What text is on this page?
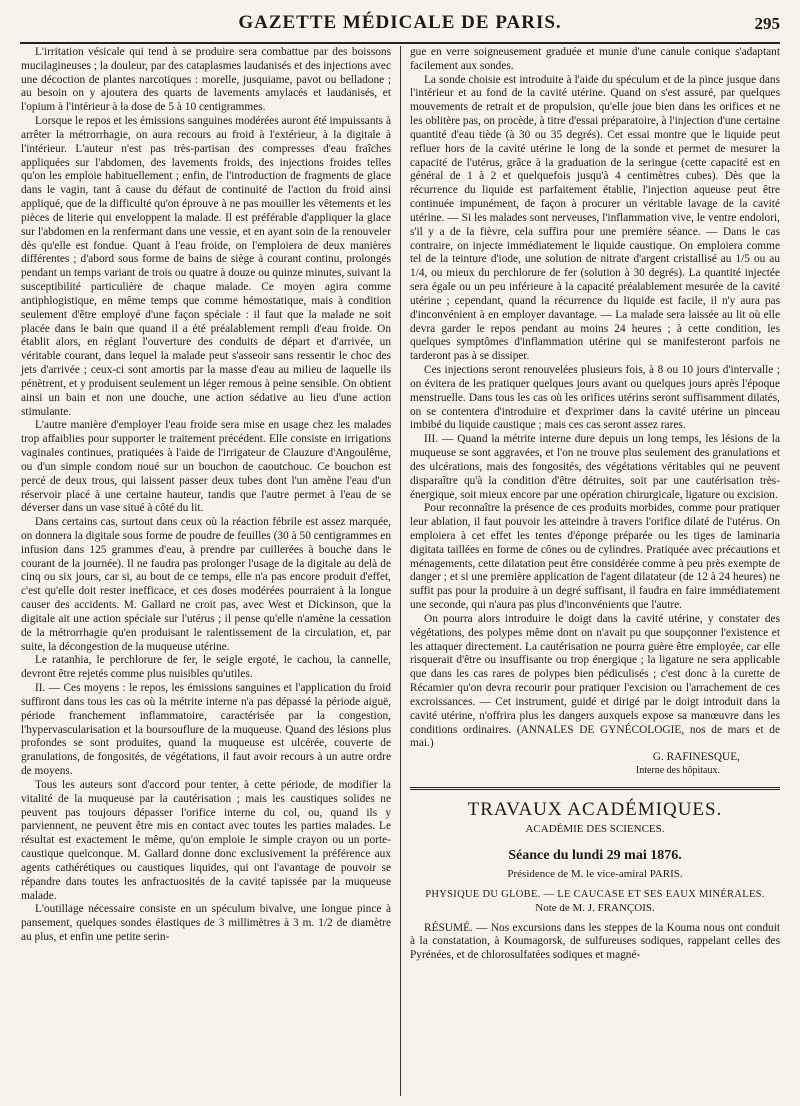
GAZETTE MÉDICALE DE PARIS.	295

L'irritation vésicale qui tend à se produire sera combattue par des boissons mucilagineuses ; la douleur, par des cataplasmes laudanisés et des injections avec une décoction de plantes narcotiques : morelle, jusquiame, pavot ou belladone ; au besoin on y ajoutera des quarts de lavements amylacés et laudanisés, et l'opium à l'intérieur à la dose de 5 à 10 centigrammes.

Lorsque le repos et les émissions sanguines modérées auront été impuissants à arrêter la métrorrhagie, on aura recours au froid à l'extérieur, à la digitale à l'intérieur. L'auteur n'est pas très-partisan des compresses d'eau fraîches appliquées sur l'abdomen, des lavements froids, des injections froides telles qu'on les emploie habituellement ; enfin, de l'introduction de fragments de glace dans le vagin, tant à cause du défaut de continuité de l'action du froid ainsi appliqué, que de la difficulté qu'on éprouve à ne pas mouiller les vêtements et les pièces de literie qui enveloppent la malade. Il est préférable d'appliquer la glace sur l'abdomen en la renfermant dans une vessie, et en ayant soin de la renouveler dès qu'elle est fondue. Quant à l'eau froide, on l'emploiera de deux manières différentes ; d'abord sous forme de bains de siège à courant continu, prolongés pendant un temps variant de trois ou quatre à douze ou quinze minutes, suivant la susceptibilité particulière de chaque malade. Ce moyen agira comme antiphlogistique, en même temps que comme hémostatique, mais à condition seulement d'être employé d'une façon spéciale : il faut que la malade ne soit placée dans le bain que quand il a été préalablement rempli d'eau froide. On établit alors, en réglant l'ouverture des conduits de départ et d'arrivée, un véritable courant, dans lequel la malade peut s'asseoir sans ressentir le choc des jets d'arrivée ; ceux-ci sont amortis par la masse d'eau au milieu de laquelle ils pénètrent, et y produisent seulement un léger remous à peine sensible. On obtient ainsi un bain et non une douche, une action sédative au lieu d'une action stimulante.

L'autre manière d'employer l'eau froide sera mise en usage chez les malades trop affaiblies pour supporter le traitement précédent. Elle consiste en irrigations vaginales continues, pratiquées à l'aide de l'irrigateur de Clauzure d'Angoulême, ou d'un simple condom noué sur un bouchon de caoutchouc. Ce bouchon est percé de deux trous, qui laissent passer deux tubes dont l'un amène l'eau d'un réservoir placé à une certaine hauteur, tandis que l'autre permet à l'eau de se déverser dans un vase situé à côté du lit.

Dans certains cas, surtout dans ceux où la réaction fébrile est assez marquée, on donnera la digitale sous forme de poudre de feuilles (30 à 50 centigrammes en infusion dans 125 grammes d'eau, à prendre par cuillerées à bouche dans le courant de la journée). Il ne faudra pas prolonger l'usage de la digitale au delà de cinq ou six jours, car si, au bout de ce temps, elle n'a pas encore produit d'effet, c'est qu'elle doit rester inefficace, et ces doses modérées pourraient à la longue causer des accidents. M. Gallard ne croit pas, avec West et Dickinson, que la digitale ait une action spéciale sur l'utérus ; il pense qu'elle n'amène la cessation de la métrorrhagie qu'en produisant le ralentissement de la circulation, et, par suite, la décongestion de la muqueuse utérine.

Le ratanhia, le perchlorure de fer, le seigle ergoté, le cachou, la cannelle, devront être rejetés comme plus nuisibles qu'utiles.

II. — Ces moyens : le repos, les émissions sanguines et l'application du froid suffiront dans tous les cas où la métrite interne n'a pas dépassé la période aiguë, période franchement inflammatoire, caractérisée par la congestion, l'hypervascularisation et la boursouflure de la muqueuse. Quand des lésions plus profondes se sont produites, quand la muqueuse est ulcérée, couverte de granulations, de fongosités, de végétations, il faut avoir recours à un autre ordre de moyens.

Tous les auteurs sont d'accord pour tenter, à cette période, de modifier la vitalité de la muqueuse par la cautérisation ; mais les caustiques solides ne peuvent pas toujours dépasser l'orifice interne du col, ou, quand ils y parviennent, ne peuvent être mis en contact avec toutes les parties malades. Le résultat est exactement le même, qu'on emploie le simple crayon ou un porte-caustique quelconque. M. Gallard donne donc exclusivement la préférence aux agents cathérétiques ou caustiques liquides, qui ont l'avantage de pouvoir se répandre dans toutes les anfractuosités de la cavité tapissée par la muqueuse malade.

L'outillage nécessaire consiste en un spéculum bivalve, une longue pince à pansement, quelques sondes élastiques de 3 millimètres à 3 m. 1/2 de diamètre au plus, et enfin une petite serin-

gue en verre soigneusement graduée et munie d'une canule conique s'adaptant facilement aux sondes.

La sonde choisie est introduite à l'aide du spéculum et de la pince jusque dans l'intérieur et au fond de la cavité utérine. Quand on s'est assuré, par quelques mouvements de retrait et de propulsion, qu'elle joue bien dans les orifices et ne les oblitère pas, on procède, à titre d'essai préparatoire, à l'injection d'une certaine quantité d'eau tiède (à 30 ou 35 degrés). Cet essai montre que le liquide peut refluer hors de la cavité utérine le long de la sonde et permet de mesurer la capacité de l'utérus, grâce à la graduation de la seringue (cette capacité est en général de 1 à 2 et quelquefois jusqu'à 4 centimètres cubes). Dès que la récurrence du liquide est parfaitement établie, l'injection aqueuse peut être continuée impunément, de façon à procurer un véritable lavage de la cavité utérine. — Si les malades sont nerveuses, l'inflammation vive, le ventre endolori, s'il y a de la fièvre, cela suffira pour une première séance. — Dans le cas contraire, on injecte immédiatement le liquide caustique. On emploiera comme tel de la teinture d'iode, une solution de nitrate d'argent cristallisé au 1/5 ou au 1/4, ou mieux du perchlorure de fer (solution à 30 degrés). La quantité injectée sera égale ou un peu inférieure à la capacité préalablement mesurée de la cavité utérine ; cependant, quand la récurrence du liquide est facile, il n'y aura pas d'inconvénient à en employer davantage. — La malade sera laissée au lit où elle devra garder le repos pendant au moins 24 heures ; à cette condition, les quelques symptômes d'inflammation utérine qui se manifesteront parfois ne tarderont pas à se dissiper.

Ces injections seront renouvelées plusieurs fois, à 8 ou 10 jours d'intervalle ; on évitera de les pratiquer quelques jours avant ou quelques jours après l'époque menstruelle. Dans tous les cas où les orifices utérins seront suffisamment dilatés, on se contentera d'introduire et d'exprimer dans la cavité utérine un pinceau imbibé du liquide caustique ; mais ces cas seront assez rares.

III. — Quand la métrite interne dure depuis un long temps, les lésions de la muqueuse se sont aggravées, et l'on ne trouve plus seulement des granulations et des ulcérations, mais des fongosités, des végétations véritables qui ne peuvent disparaître qu'à la condition d'être détruites, soit par une cautérisation très-énergique, soit mieux encore par une opération chirurgicale, ligature ou excision.

Pour reconnaître la présence de ces produits morbides, comme pour pratiquer leur ablation, il faut pouvoir les atteindre à travers l'orifice dilaté de l'utérus. On emploiera à cet effet les tentes d'éponge préparée ou les tiges de laminaria digitata taillées en forme de cônes ou de cylindres. Pratiquée avec précautions et ménagements, cette dilatation peut être considérée comme à peu près exempte de danger ; et si une première application de l'agent dilatateur (de 12 à 24 heures) ne suffit pas pour la produire à un degré suffisant, il faudra en faire immédiatement une seconde, qui n'aura pas plus d'inconvénients que l'autre.

On pourra alors introduire le doigt dans la cavité utérine, y constater des végétations, des polypes même dont on n'avait pu que soupçonner l'existence et les attaquer directement. La cautérisation ne pourra guère être employée, car elle risquerait d'être ou insuffisante ou trop énergique ; la ligature ne sera applicable que dans les cas rares de polypes bien pédiculisés ; c'est donc à la curette de Récamier qu'on devra recourir pour pratiquer l'excision ou l'arrachement de ces excroissances. — Cet instrument, guidé et dirigé par le doigt introduit dans la cavité utérine, n'offrira plus les dangers auxquels expose sa manœuvre dans les conditions ordinaires. (ANNALES DE GYNÉCOLOGIE, nos de mars et de mai.)

G. RAFINESQUE,

Interne des hôpitaux.

TRAVAUX ACADÉMIQUES.

ACADÉMIE DES SCIENCES.

Séance du lundi 29 mai 1876.

Présidence de M. le vice-amiral PARIS.

PHYSIQUE DU GLOBE. — LE CAUCASE ET SES EAUX MINÉRALES.

Note de M. J. FRANÇOIS.

RÉSUMÉ. — Nos excursions dans les steppes de la Kouma nous ont conduit à la constatation, à Koumagorsk, de sulfureuses sodiques, rappelant celles des Pyrénées, et de chlorosulfatées sodiques et magné-
